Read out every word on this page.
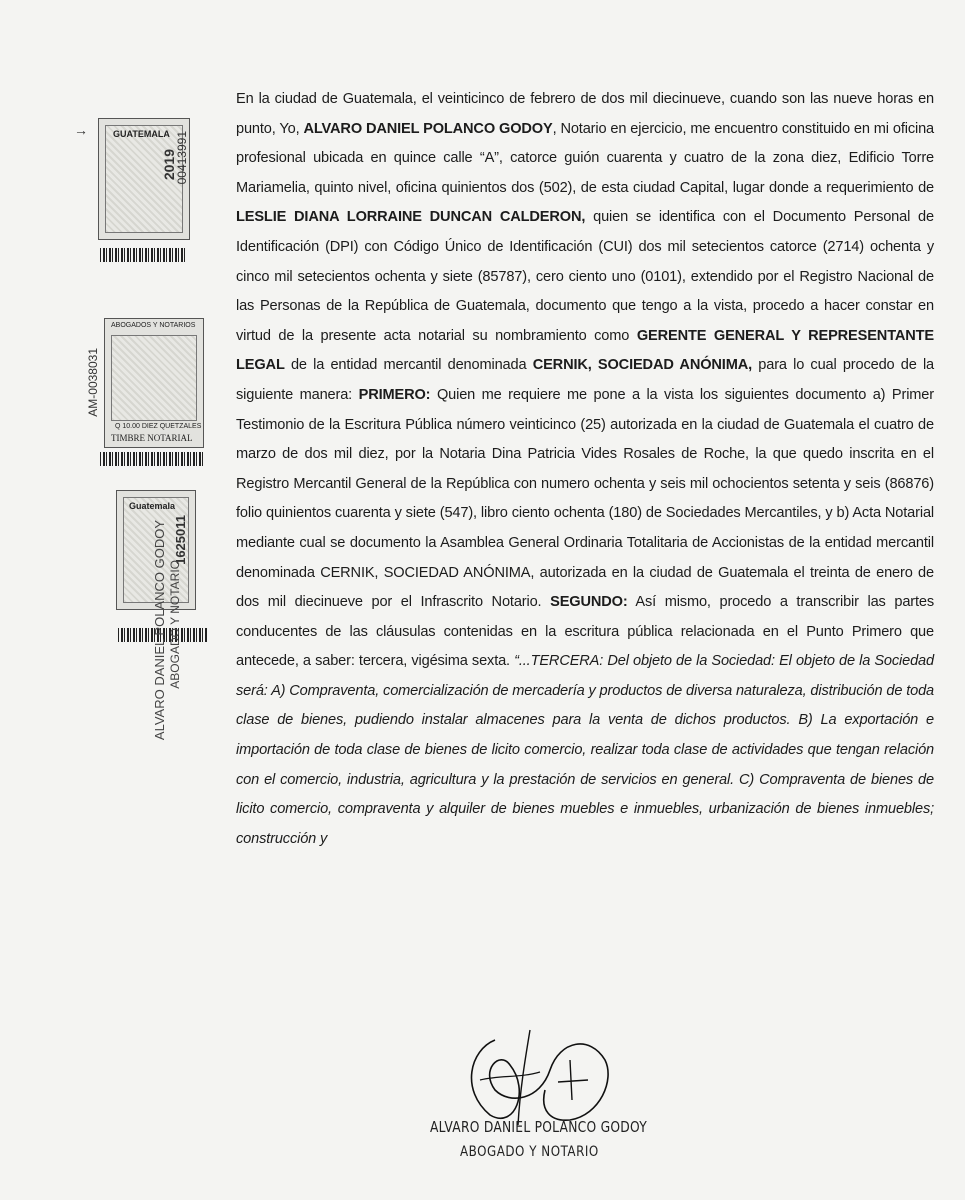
→	GUATEMALA
2019
00413991
ABOGADOS Y NOTARIOS
Q 10.00 DIEZ QUETZALES
TIMBRE NOTARIAL
AM-0038031
Guatemala
1625011
ALVARO DANIEL POLANCO GODOY ABOGADO Y NOTARIO

En la ciudad de Guatemala, el veinticinco de febrero de dos mil diecinueve, cuando son las nueve horas en punto, Yo, ALVARO DANIEL POLANCO GODOY, Notario en ejercicio, me encuentro constituido en mi oficina profesional ubicada en quince calle “A”, catorce guión cuarenta y cuatro de la zona diez, Edificio Torre Mariamelia, quinto nivel, oficina quinientos dos (502), de esta ciudad Capital, lugar donde a requerimiento de LESLIE DIANA LORRAINE DUNCAN CALDERON, quien se identifica con el Documento Personal de Identificación (DPI) con Código Único de Identificación (CUI) dos mil setecientos catorce (2714) ochenta y cinco mil setecientos ochenta y siete (85787), cero ciento uno (0101), extendido por el Registro Nacional de las Personas de la República de Guatemala, documento que tengo a la vista, procedo a hacer constar en virtud de la presente acta notarial su nombramiento como GERENTE GENERAL Y REPRESENTANTE LEGAL de la entidad mercantil denominada CERNIK, SOCIEDAD ANÓNIMA, para lo cual procedo de la siguiente manera: PRIMERO: Quien me requiere me pone a la vista los siguientes documento a) Primer Testimonio de la Escritura Pública número veinticinco (25) autorizada en la ciudad de Guatemala el cuatro de marzo de dos mil diez, por la Notaria Dina Patricia Vides Rosales de Roche, la que quedo inscrita en el Registro Mercantil General de la República con numero ochenta y seis mil ochocientos setenta y seis (86876) folio quinientos cuarenta y siete (547), libro ciento ochenta (180) de Sociedades Mercantiles, y b) Acta Notarial mediante cual se documento la Asamblea General Ordinaria Totalitaria de Accionistas de la entidad mercantil denominada CERNIK, SOCIEDAD ANÓNIMA, autorizada en la ciudad de Guatemala el treinta de enero de dos mil diecinueve por el Infrascrito Notario. SEGUNDO: Así mismo, procedo a transcribir las partes conducentes de las cláusulas contenidas en la escritura pública relacionada en el Punto Primero que antecede, a saber: tercera, vigésima sexta. “...TERCERA: Del objeto de la Sociedad: El objeto de la Sociedad será: A) Compraventa, comercialización de mercadería y productos de diversa naturaleza, distribución de toda clase de bienes, pudiendo instalar almacenes para la venta de dichos productos. B) La exportación e importación de toda clase de bienes de licito comercio, realizar toda clase de actividades que tengan relación con el comercio, industria, agricultura y la prestación de servicios en general. C) Compraventa de bienes de licito comercio, compraventa y alquiler de bienes muebles e inmuebles, urbanización de bienes inmuebles; construcción y

ALVARO DANIEL POLANCO GODOY
ABOGADO Y NOTARIO
